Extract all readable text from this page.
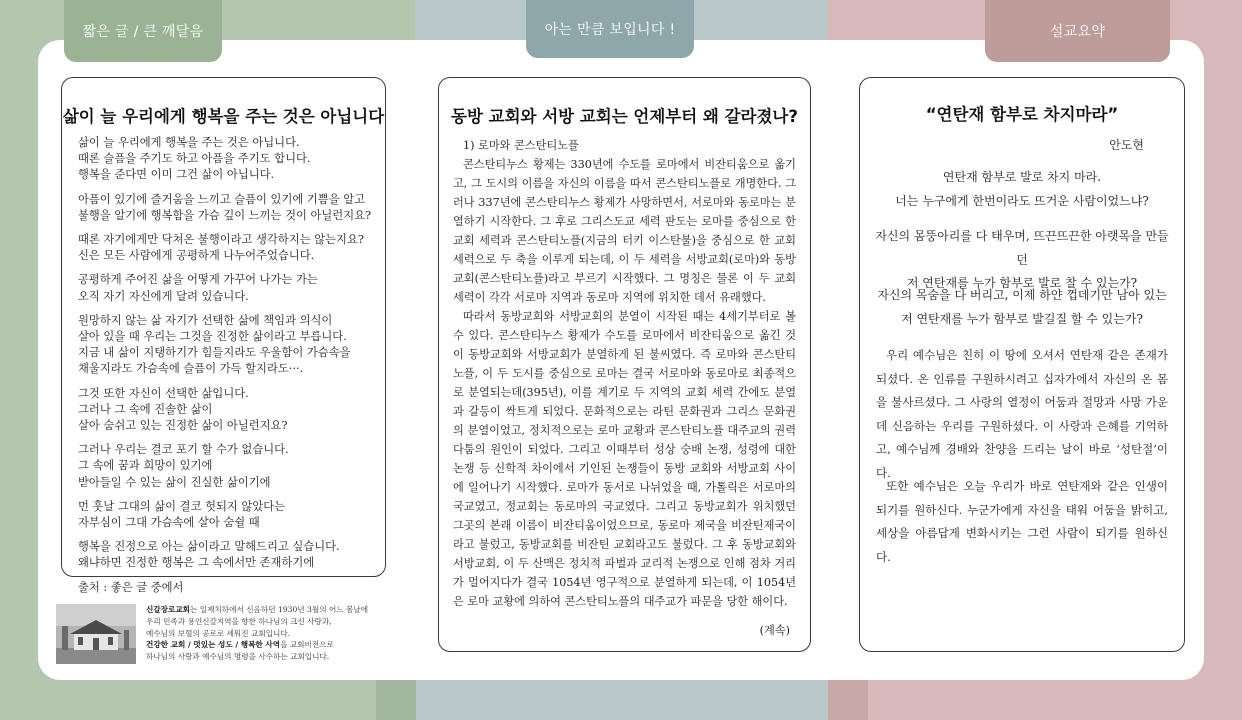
짧은 글 / 큰 깨달음	아는 만큼 보입니다 !	설교요약
삶이 늘 우리에게 행복을 주는 것은 아닙니다

삶이 늘 우리에게 행복을 주는 것은 아닙니다.
때론 슬픔을 주기도 하고 아픔을 주기도 합니다.
행복을 준다면 이미 그건 삶이 아닙니다.

아픔이 있기에 즐거움을 느끼고 슬픔이 있기에 기쁨을 알고
불행을 알기에 행복함을 가슴 깊이 느끼는 것이 아닐런지요?

때론 자기에게만 닥쳐온 불행이라고 생각하지는 않는지요?
신은 모든 사람에게 공평하게 나누어주었습니다.

공평하게 주어진 삶을 어떻게 가꾸어 나가는 가는
오직 자기 자신에게 달려 있습니다.

원망하지 않는 삶 자기가 선택한 삶에 책임과 의식이
살아 있을 때 우리는 그것을 진정한 삶이라고 부릅니다.
지금 내 삶이 지탱하기가 힘들지라도 우울함이 가슴속을
채울지라도 가슴속에 슬픔이 가득 할지라도···.

그것 또한 자신이 선택한 삶입니다.
그러나 그 속에 진솔한 삶이
살아 숨쉬고 있는 진정한 삶이 아닐런지요?

그러나 우리는 결코 포기 할 수가 없습니다.
그 속에 꿈과 희망이 있기에
받아들일 수 있는 삶이 진실한 삶이기에

먼 훗날 그대의 삶이 결코 헛되지 않았다는
자부심이 그대 가슴속에 살아 숨쉴 때

행복을 진정으로 아는 삶이라고 말해드리고 싶습니다.
왜냐하면 진정한 행복은 그 속에서만 존재하기에

출처 : 좋은 글 중에서

동방 교회와 서방 교회는 언제부터 왜 갈라졌나?

1) 로마와 콘스탄티노플

콘스탄티누스 황제는 330년에 수도를 로마에서 비잔티움으로 옮기고, 그 도시의 이름을 자신의 이름을 따서 콘스탄티노플로 개명한다. 그러나 337년에 콘스탄티누스 황제가 사망하면서, 서로마와 동로마는 분열하기 시작한다. 그 후로 그리스도교 세력 판도는 로마를 중심으로 한 교회 세력과 콘스탄티노플(지금의 터키 이스탄불)을 중심으로 한 교회 세력으로 두 축을 이루게 되는데, 이 두 세력을 서방교회(로마)와 동방 교회(콘스탄티노플)라고 부르기 시작했다. 그 명칭은 물론 이 두 교회 세력이 각각 서로마 지역과 동로마 지역에 위치한 데서 유래했다.

따라서 동방교회와 서방교회의 분열이 시작된 때는 4세기부터로 볼 수 있다. 콘스탄티누스 황제가 수도를 로마에서 비잔티움으로 옮긴 것이 동방교회와 서방교회가 분열하게 된 불씨였다. 즉 로마와 콘스탄티노플, 이 두 도시를 중심으로 로마는 결국 서로마와 동로마로 최종적으로 분열되는데(395년), 이를 계기로 두 지역의 교회 세력 간에도 분열과 갈등이 싹트게 되었다. 문화적으로는 라틴 문화권과 그리스 문화권의 분열이었고, 정치적으로는 로마 교황과 콘스탄티노플 대주교의 권력다툼의 원인이 되었다. 그리고 이때부터 성상 숭배 논쟁, 성령에 대한 논쟁 등 신학적 차이에서 기인된 논쟁들이 동방 교회와 서방교회 사이에 일어나기 시작했다. 로마가 동서로 나뉘었을 때, 가톨릭은 서로마의 국교였고, 정교회는 동로마의 국교였다. 그리고 동방교회가 위치했던 그곳의 본래 이름이 비잔티움이었으므로, 동로마 제국을 비잔틴제국이라고 불렀고, 동방교회를 비잔틴 교회라고도 불렀다. 그 후 동방교회와 서방교회, 이 두 산맥은 정치적 파벌과 교리적 논쟁으로 인해 점차 거리가 멀어지다가 결국 1054년 영구적으로 분열하게 되는데, 이 1054년은 로마 교황에 의하여 콘스탄티노플의 대주교가 파문을 당한 해이다.

(계속)
“연탄재 함부로 차지마라”
안도현

연탄재 함부로 발로 차지 마라.
너는 누구에게 한번이라도 뜨거운 사람이었느냐?

자신의 몸뚱아리를 다 태우며, 뜨끈뜨끈한 아랫목을 만들던
저 연탄재를 누가 함부로 발로 찰 수 있는가?

자신의 목숨을 다 버리고, 이제 하얀 껍데기만 남아 있는
저 연탄재를 누가 함부로 발길질 할 수 있는가?

우리 예수님은 친히 이 땅에 오셔서 연탄재 같은 존재가 되셨다. 온 인류를 구원하시려고 십자가에서 자신의 온 몸을 불사르셨다. 그 사랑의 열정이 어둠과 절망과 사망 가운데 신음하는 우리를 구원하셨다. 이 사랑과 은혜를 기억하고, 예수님께 경배와 찬양을 드리는 날이 바로 ‘성탄절’이다.

또한 예수님은 오늘 우리가 바로 연탄재와 같은 인생이 되기를 원하신다. 누군가에게 자신을 태워 어둠을 밝히고, 세상을 아름답게 변화시키는 그런 사람이 되기를 원하신다.

신갈장로교회는 일제치하에서 신음하던 1930년 3월의 어느 봄날에
우리 민족과 용인신갈지역을 향한 하나님의 크신 사랑과,
예수님의 보혈의 공로로 세워진 교회입니다.
건강한 교회 / 멋있는 성도 / 행복한 사역을 교회비전으로
하나님의 사랑과 예수님의 명령을 사수하는 교회입니다.
